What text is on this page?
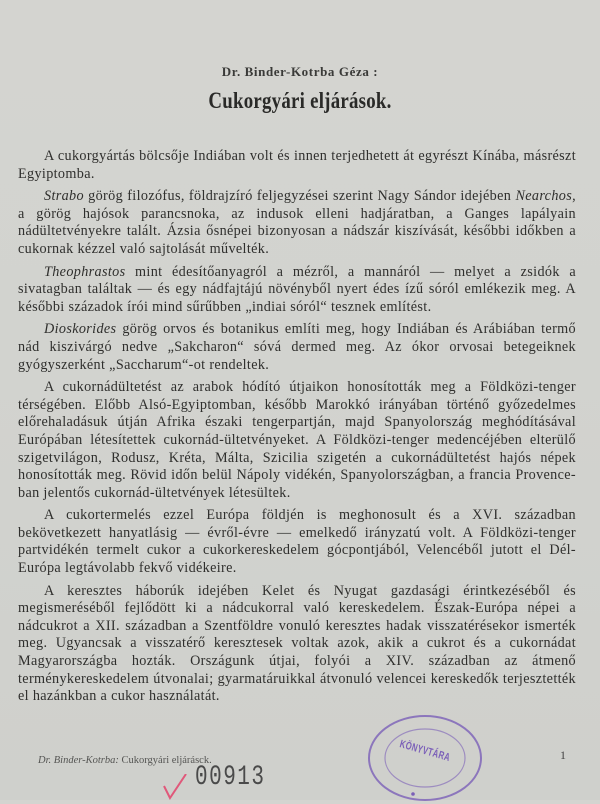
Dr. Binder-Kotrba Géza :
Cukorgyári eljárások.

A cukorgyártás bölcsője Indiában volt és innen terjedhetett át egyrészt Kínába, másrészt Egyiptomba.

Strabo görög filozófus, földrajzíró feljegyzései szerint Nagy Sándor idejében Nearchos, a görög hajósok parancsnoka, az indusok elleni hadjáratban, a Ganges lapályain nádültetvényekre talált. Ázsia ősnépei bizonyosan a nádszár kiszívását, későbbi időkben a cukornak kézzel való sajtolását művelték.

Theophrastos mint édesítőanyagról a mézről, a mannáról — melyet a zsidók a sivatagban találtak — és egy nádfajtájú növényből nyert édes ízű sóról emlékezik meg. A későbbi századok írói mind sűrűbben „indiai sóról“ tesznek említést.

Dioskorides görög orvos és botanikus említi meg, hogy Indiában és Arábiában termő nád kiszivárgó nedve „Sakcharon“ sóvá dermed meg. Az ókor orvosai betegeiknek gyógyszerként „Saccharum“-ot rendeltek.

A cukornádültetést az arabok hódító útjaikon honosították meg a Földközi-tenger térségében. Előbb Alsó-Egyiptomban, később Marokkó irányában történő győzedelmes előrehaladásuk útján Afrika északi tengerpartján, majd Spanyolország meghódításával Európában létesítettek cukornád-ültetvényeket. A Földközi-tenger medencéjében elterülő szigetvilágon, Rodusz, Kréta, Málta, Szicilia szigetén a cukornádültetést hajós népek honosították meg. Rövid időn belül Nápoly vidékén, Spanyolországban, a francia Provence-ban jelentős cukornád-ültetvények létesültek.

A cukortermelés ezzel Európa földjén is meghonosult és a XVI. században bekövetkezett hanyatlásig — évről-évre — emelkedő irányzatú volt. A Földközi-tenger partvidékén termelt cukor a cukorkereskedelem gócpontjából, Velencéből jutott el Dél-Európa legtávolabb fekvő vidékeire.

A keresztes háborúk idejében Kelet és Nyugat gazdasági érintkezéséből és megismeréséből fejlődött ki a nádcukorral való kereskedelem. Észak-Európa népei a nádcukrot a XII. században a Szentföldre vonuló keresztes hadak visszatérésekor ismerték meg. Ugyancsak a visszatérő keresztesek voltak azok, akik a cukrot és a cukornádat Magyarországba hozták. Országunk útjai, folyói a XIV. században az átmenő terménykereskedelem útvonalai; gyarmatáruikkal átvonuló velencei kereskedők terjesztették el hazánkban a cukor használatát.

Dr. Binder-Kotrba: Cukorgyári eljárásck.	1
KÖNYVTÁRA
00913
